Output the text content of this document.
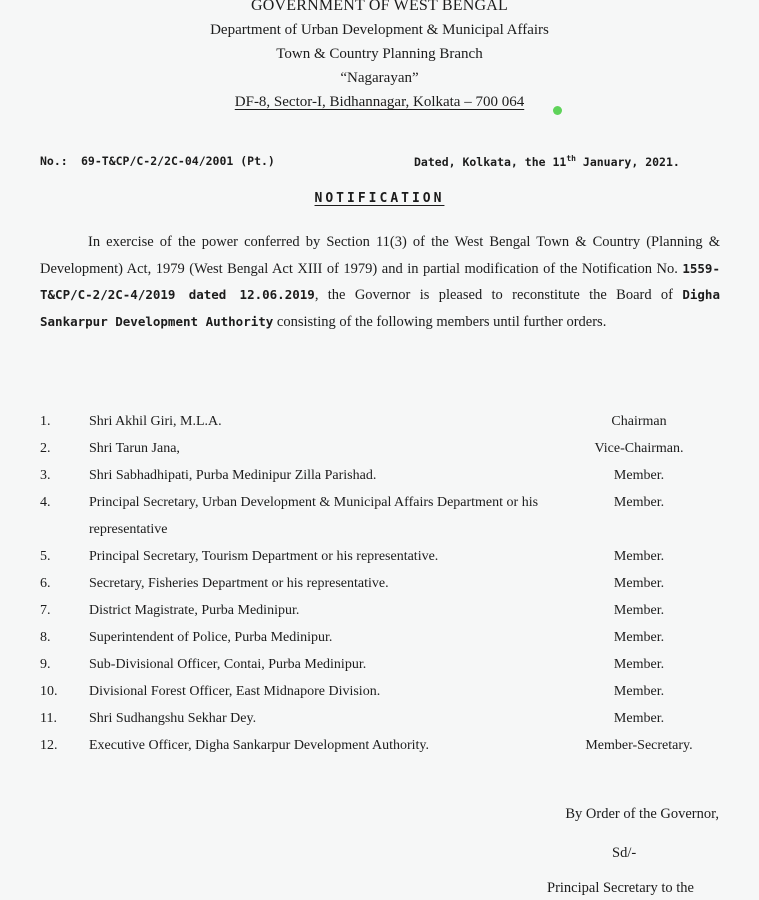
GOVERNMENT OF WEST BENGAL
Department of Urban Development & Municipal Affairs
Town & Country Planning Branch
“Nagarayan”
DF-8, Sector-I, Bidhannagar, Kolkata – 700 064
No.: 69-T&CP/C-2/2C-04/2001 (Pt.)	Dated, Kolkata, the 11th January, 2021.
NOTIFICATION
In exercise of the power conferred by Section 11(3) of the West Bengal Town & Country (Planning & Development) Act, 1979 (West Bengal Act XIII of 1979) and in partial modification of the Notification No. 1559-T&CP/C-2/2C-4/2019 dated 12.06.2019, the Governor is pleased to reconstitute the Board of Digha Sankarpur Development Authority consisting of the following members until further orders.
1.	Shri Akhil Giri, M.L.A.	Chairman
2.	Shri Tarun Jana,	Vice-Chairman.
3.	Shri Sabhadhipati, Purba Medinipur Zilla Parishad.	Member.
4.	Principal Secretary, Urban Development & Municipal Affairs Department or his representative
Member.
5.	Principal Secretary, Tourism Department or his representative.	Member.
6.	Secretary, Fisheries Department or his representative.	Member.
7.	District Magistrate, Purba Medinipur.	Member.
8.	Superintendent of Police, Purba Medinipur.	Member.
9.	Sub-Divisional Officer, Contai, Purba Medinipur.	Member.
10. Divisional Forest Officer, East Midnapore Division.	Member.
11. Shri Sudhangshu Sekhar Dey.	Member.
12. Executive Officer, Digha Sankarpur Development Authority.	Member-Secretary.
By Order of the Governor,
Sd/-
Principal Secretary to the
